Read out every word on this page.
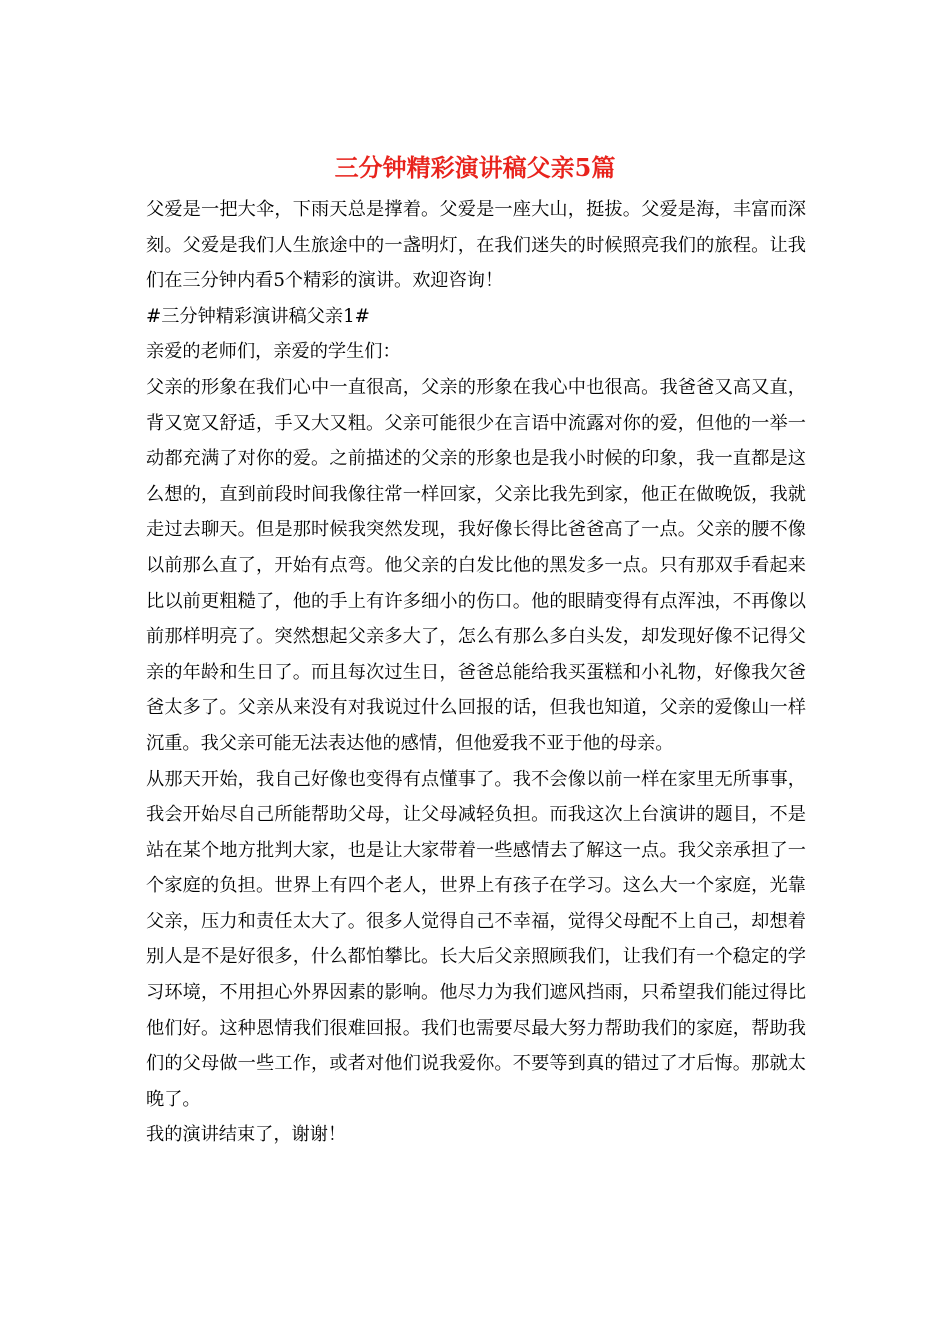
三分钟精彩演讲稿父亲5篇

父爱是一把大伞，下雨天总是撑着。父爱是一座大山，挺拔。父爱是海，丰富而深刻。父爱是我们人生旅途中的一盏明灯，在我们迷失的时候照亮我们的旅程。让我们在三分钟内看5个精彩的演讲。欢迎咨询！

#三分钟精彩演讲稿父亲1#

亲爱的老师们，亲爱的学生们：

父亲的形象在我们心中一直很高，父亲的形象在我心中也很高。我爸爸又高又直，背又宽又舒适，手又大又粗。父亲可能很少在言语中流露对你的爱，但他的一举一动都充满了对你的爱。之前描述的父亲的形象也是我小时候的印象，我一直都是这么想的，直到前段时间我像往常一样回家，父亲比我先到家，他正在做晚饭，我就走过去聊天。但是那时候我突然发现，我好像长得比爸爸高了一点。父亲的腰不像以前那么直了，开始有点弯。他父亲的白发比他的黑发多一点。只有那双手看起来比以前更粗糙了，他的手上有许多细小的伤口。他的眼睛变得有点浑浊，不再像以前那样明亮了。突然想起父亲多大了，怎么有那么多白头发，却发现好像不记得父亲的年龄和生日了。而且每次过生日，爸爸总能给我买蛋糕和小礼物，好像我欠爸爸太多了。父亲从来没有对我说过什么回报的话，但我也知道，父亲的爱像山一样沉重。我父亲可能无法表达他的感情，但他爱我不亚于他的母亲。

从那天开始，我自己好像也变得有点懂事了。我不会像以前一样在家里无所事事，我会开始尽自己所能帮助父母，让父母减轻负担。而我这次上台演讲的题目，不是站在某个地方批判大家，也是让大家带着一些感情去了解这一点。我父亲承担了一个家庭的负担。世界上有四个老人，世界上有孩子在学习。这么大一个家庭，光靠父亲，压力和责任太大了。很多人觉得自己不幸福，觉得父母配不上自己，却想着别人是不是好很多，什么都怕攀比。长大后父亲照顾我们，让我们有一个稳定的学习环境，不用担心外界因素的影响。他尽力为我们遮风挡雨，只希望我们能过得比他们好。这种恩情我们很难回报。我们也需要尽最大努力帮助我们的家庭，帮助我们的父母做一些工作，或者对他们说我爱你。不要等到真的错过了才后悔。那就太晚了。

我的演讲结束了，谢谢！
